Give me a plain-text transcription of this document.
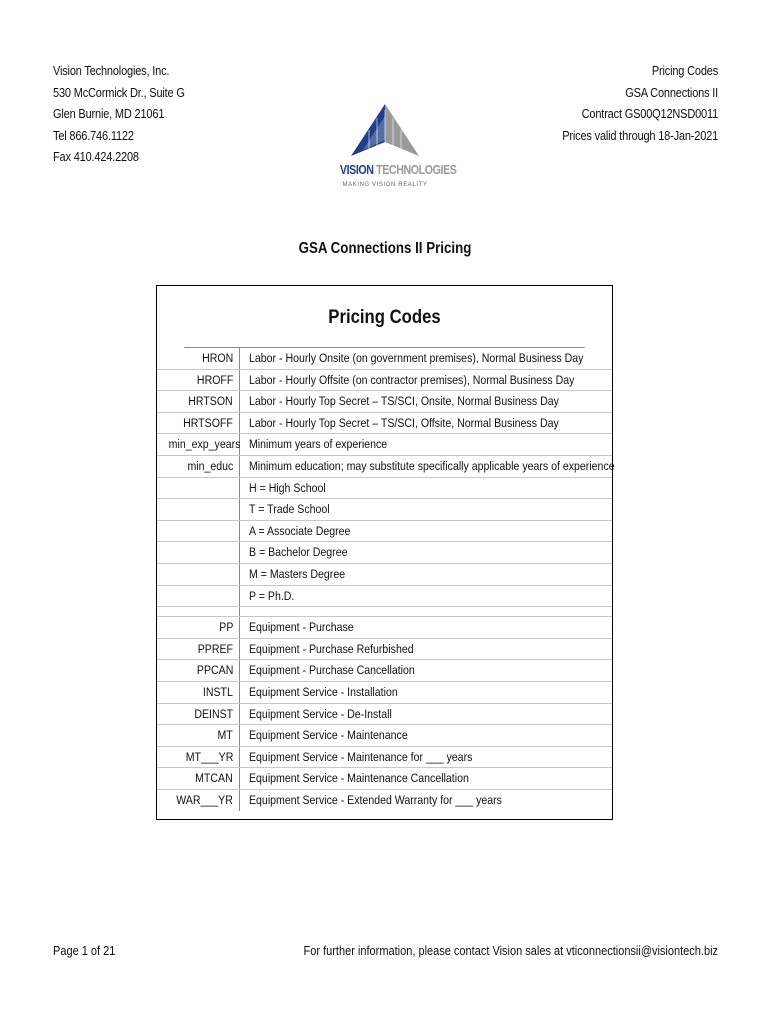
Vision Technologies, Inc.
530 McCormick Dr., Suite G
Glen Burnie, MD 21061
Tel 866.746.1122
Fax 410.424.2208
Pricing Codes
GSA Connections II
Contract GS00Q12NSD0011
Prices valid through 18-Jan-2021
VISION TECHNOLOGIES
MAKING VISION REALITY
GSA Connections II Pricing
Pricing Codes
HRON	Labor - Hourly Onsite (on government premises), Normal Business Day
HROFF	Labor - Hourly Offsite (on contractor premises), Normal Business Day
HRTSON	Labor - Hourly Top Secret – TS/SCI, Onsite, Normal Business Day
HRTSOFF	Labor - Hourly Top Secret – TS/SCI, Offsite, Normal Business Day
min_exp_years Minimum years of experience
min_educ	Minimum education; may substitute specifically applicable years of experience
H = High School
T = Trade School
A = Associate Degree
B = Bachelor Degree
M = Masters Degree
P = Ph.D.
PP	Equipment - Purchase
PPREF	Equipment - Purchase Refurbished
PPCAN	Equipment - Purchase Cancellation
INSTL	Equipment Service - Installation
DEINST	Equipment Service - De-Install
MT	Equipment Service - Maintenance
MT___YR	Equipment Service - Maintenance for ___ years
MTCAN	Equipment Service - Maintenance Cancellation
WAR___YR	Equipment Service - Extended Warranty for ___ years
Page 1 of 21	For further information, please contact Vision sales at vticonnectionsii@visiontech.biz
